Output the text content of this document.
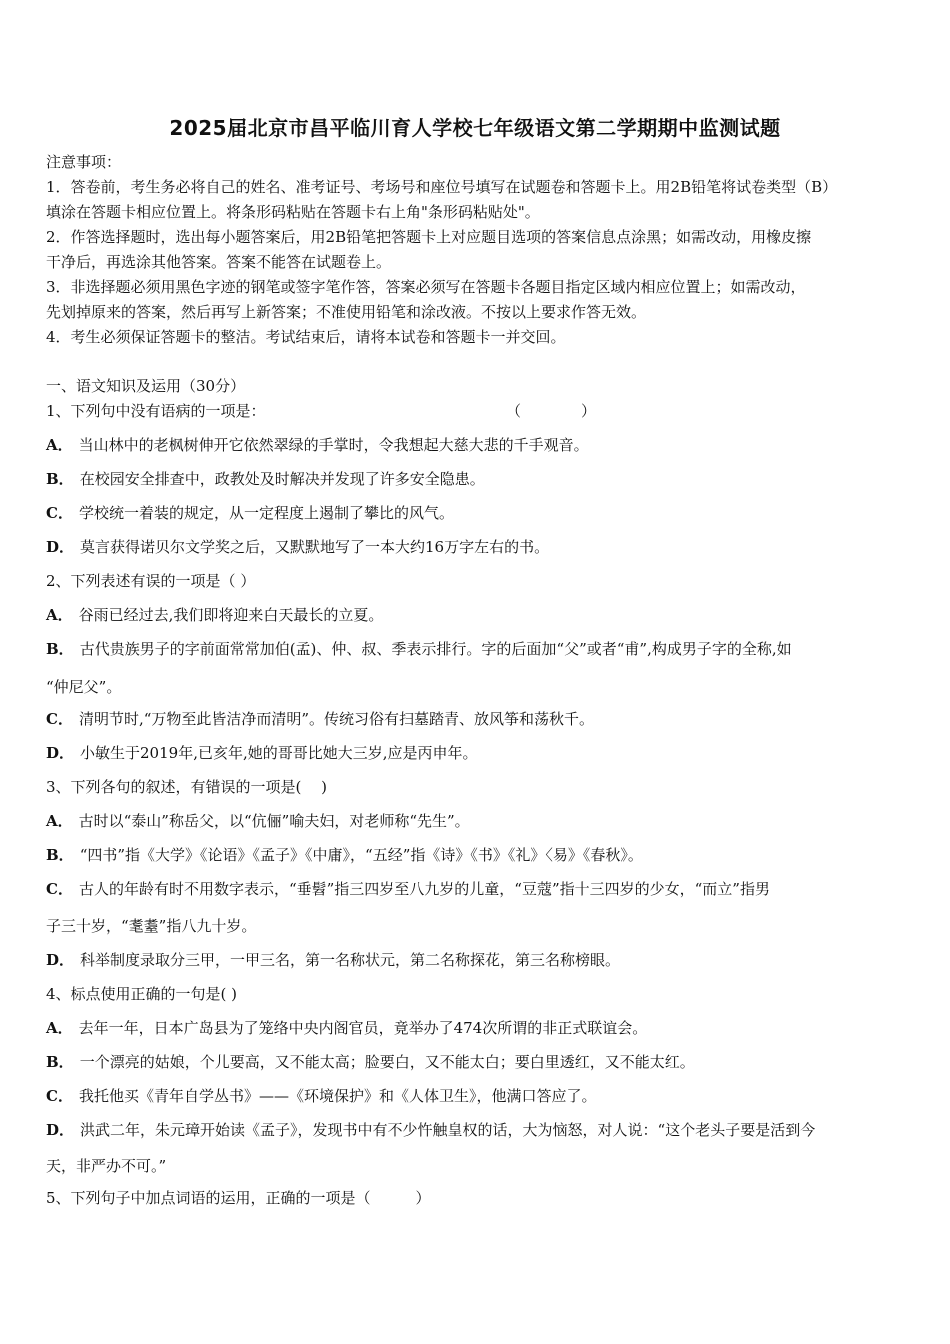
2025届北京市昌平临川育人学校七年级语文第二学期期中监测试题
注意事项：
1．答卷前，考生务必将自己的姓名、准考证号、考场号和座位号填写在试题卷和答题卡上。用2B铅笔将试卷类型（B）
填涂在答题卡相应位置上。将条形码粘贴在答题卡右上角"条形码粘贴处"。
2．作答选择题时，选出每小题答案后，用2B铅笔把答题卡上对应题目选项的答案信息点涂黑；如需改动，用橡皮擦
干净后，再选涂其他答案。答案不能答在试题卷上。
3．非选择题必须用黑色字迹的钢笔或签字笔作答，答案必须写在答题卡各题目指定区域内相应位置上；如需改动，
先划掉原来的答案，然后再写上新答案；不准使用铅笔和涂改液。不按以上要求作答无效。
4．考生必须保证答题卡的整洁。考试结束后，请将本试卷和答题卡一并交回。
一、语文知识及运用（30分）
1、下列句中没有语病的一项是：	（　　　　）
A． 当山林中的老枫树伸开它依然翠绿的手掌时，令我想起大慈大悲的千手观音。
B． 在校园安全排查中，政教处及时解决并发现了许多安全隐患。
C． 学校统一着装的规定，从一定程度上遏制了攀比的风气。
D． 莫言获得诺贝尔文学奖之后，又默默地写了一本大约16万字左右的书。
2、下列表述有误的一项是（ ）
A． 谷雨已经过去,我们即将迎来白天最长的立夏。
B． 古代贵族男子的字前面常常加伯(孟)、仲、叔、季表示排行。字的后面加“父”或者“甫”,构成男子字的全称,如
“仲尼父”。
C． 清明节时,“万物至此皆洁净而清明”。传统习俗有扫墓踏青、放风筝和荡秋千。
D． 小敏生于2019年,已亥年,她的哥哥比她大三岁,应是丙申年。
3、下列各句的叙述，有错误的一项是(　 )
A． 古时以“泰山”称岳父，以“伉俪”喻夫妇，对老师称“先生”。
B． “四书”指《大学》《论语》《孟子》《中庸》，“五经”指《诗》《书》《礼》〈易》《春秋》。
C． 古人的年龄有时不用数字表示，“垂髫”指三四岁至八九岁的儿童，“豆蔻”指十三四岁的少女，“而立”指男
子三十岁，“耄耋”指八九十岁。
D． 科举制度录取分三甲，一甲三名，第一名称状元，第二名称探花，第三名称榜眼。
4、标点使用正确的一句是( )
A． 去年一年，日本广岛县为了笼络中央内阁官员，竟举办了474次所谓的非正式联谊会。
B． 一个漂亮的姑娘，个儿要高，又不能太高；脸要白，又不能太白；要白里透红，又不能太红。
C． 我托他买《青年自学丛书》——《环境保护》和《人体卫生》，他满口答应了。
D． 洪武二年，朱元璋开始读《孟子》，发现书中有不少忤触皇权的话，大为恼怒，对人说：“这个老头子要是活到今
天，非严办不可。”
5、下列句子中加点词语的运用，正确的一项是（　　　）
